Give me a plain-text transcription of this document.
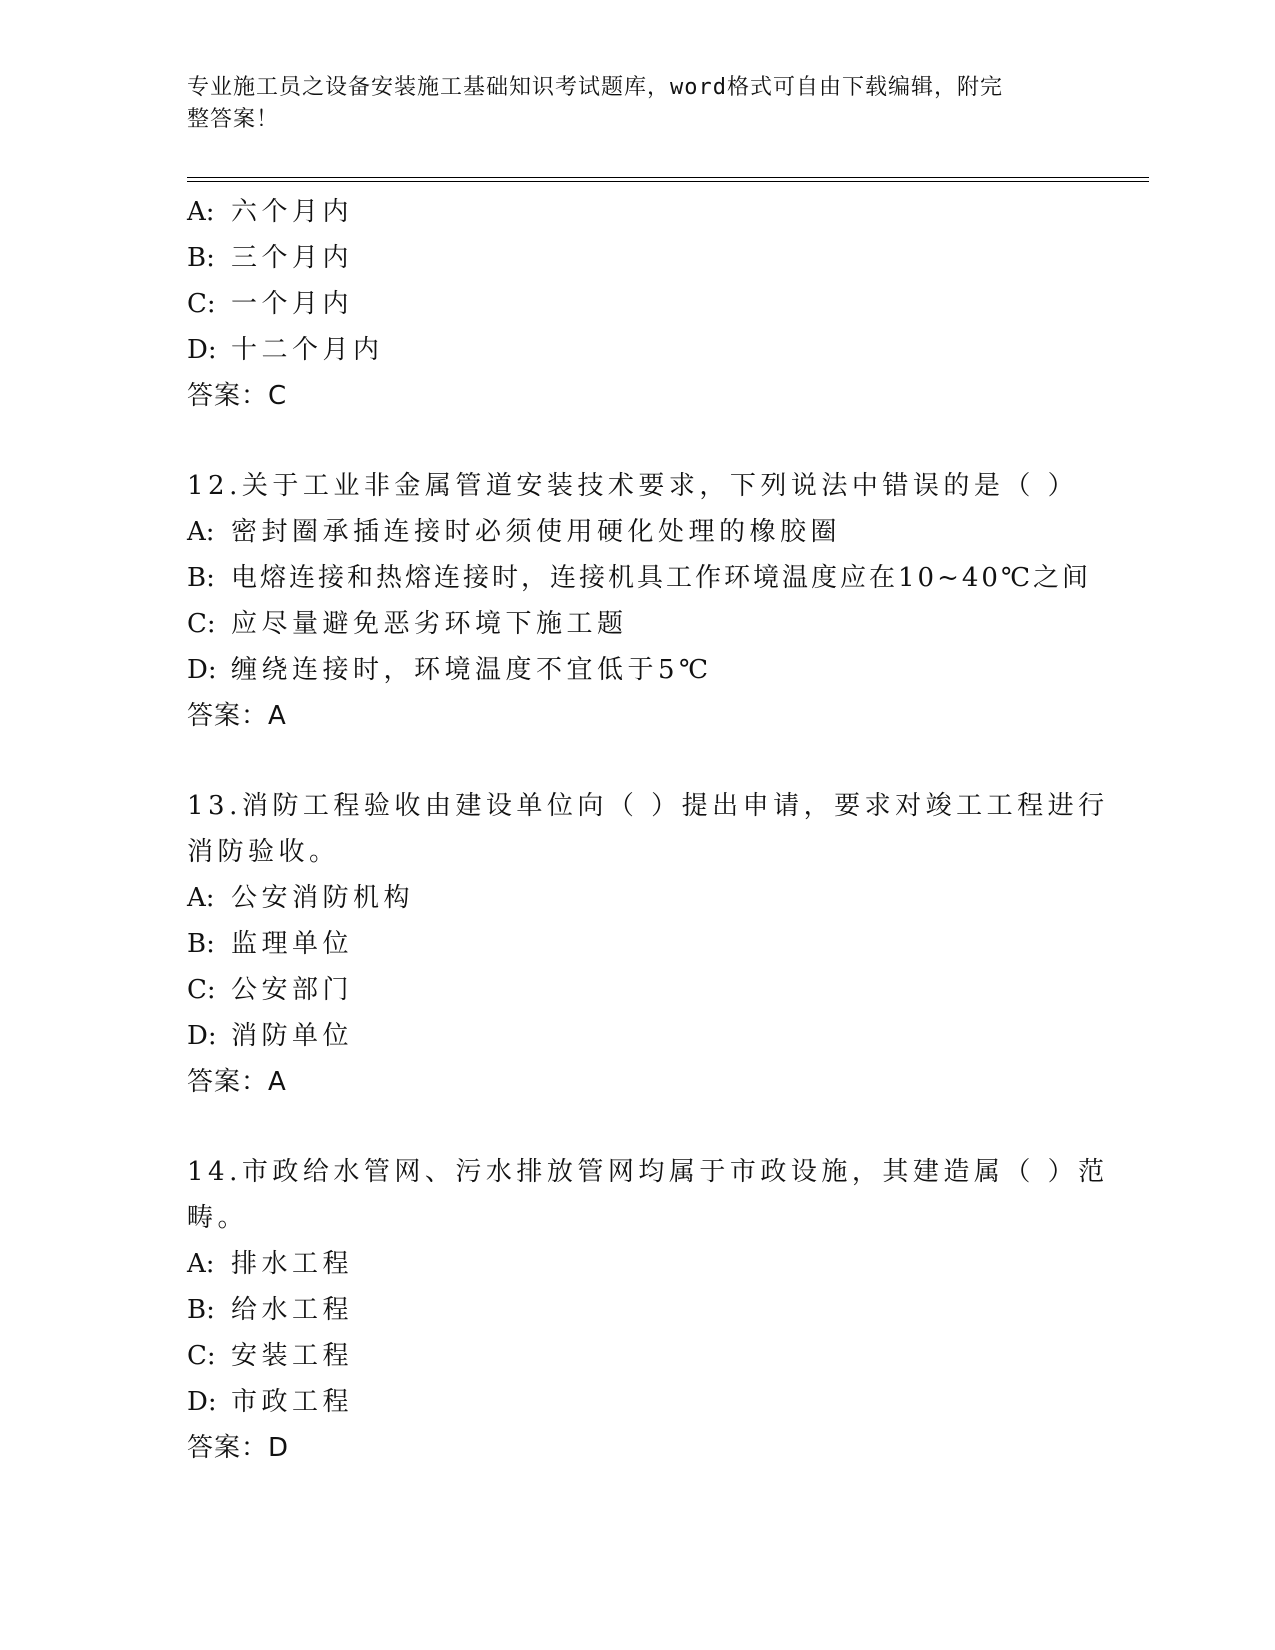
专业施工员之设备安装施工基础知识考试题库，word格式可自由下载编辑，附完
整答案！
A: 六个月内
B: 三个月内
C: 一个月内
D: 十二个月内
答案：C
12.关于工业非金属管道安装技术要求，下列说法中错误的是（ ）
A: 密封圈承插连接时必须使用硬化处理的橡胶圈
B: 电熔连接和热熔连接时，连接机具工作环境温度应在10~40℃之间
C: 应尽量避免恶劣环境下施工题
D: 缠绕连接时，环境温度不宜低于5℃
答案：A
13.消防工程验收由建设单位向（ ）提出申请，要求对竣工工程进行
消防验收。
A: 公安消防机构
B: 监理单位
C: 公安部门
D: 消防单位
答案：A
14.市政给水管网、污水排放管网均属于市政设施，其建造属（ ）范
畴。
A: 排水工程
B: 给水工程
C: 安装工程
D: 市政工程
答案：D
